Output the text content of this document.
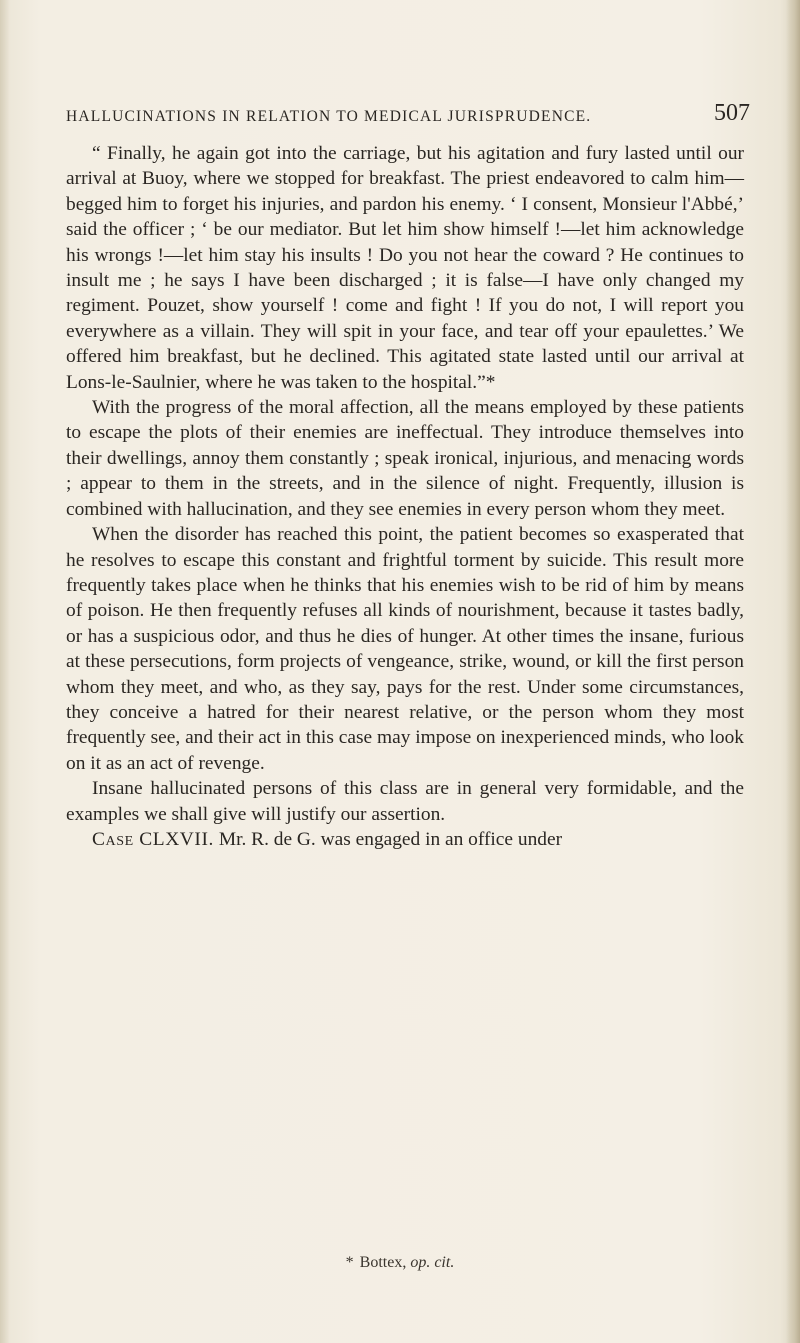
HALLUCINATIONS IN RELATION TO MEDICAL JURISPRUDENCE.	507

“ Finally, he again got into the carriage, but his agitation and fury lasted until our arrival at Buoy, where we stopped for breakfast. The priest endeavored to calm him—begged him to forget his injuries, and pardon his enemy. ‘ I consent, Monsieur l'Abbé,’ said the officer ; ‘ be our mediator. But let him show himself !—let him acknowledge his wrongs !—let him stay his insults ! Do you not hear the coward ? He continues to insult me ; he says I have been discharged ; it is false—I have only changed my regiment. Pouzet, show yourself ! come and fight ! If you do not, I will report you everywhere as a villain. They will spit in your face, and tear off your epaulettes.’ We offered him breakfast, but he declined. This agitated state lasted until our arrival at Lons-le-Saulnier, where he was taken to the hospital.”*

With the progress of the moral affection, all the means employed by these patients to escape the plots of their enemies are ineffectual. They introduce themselves into their dwellings, annoy them constantly ; speak ironical, injurious, and menacing words ; appear to them in the streets, and in the silence of night. Frequently, illusion is combined with hallucination, and they see enemies in every person whom they meet.

When the disorder has reached this point, the patient becomes so exasperated that he resolves to escape this constant and frightful torment by suicide. This result more frequently takes place when he thinks that his enemies wish to be rid of him by means of poison. He then frequently refuses all kinds of nourishment, because it tastes badly, or has a suspicious odor, and thus he dies of hunger. At other times the insane, furious at these persecutions, form projects of vengeance, strike, wound, or kill the first person whom they meet, and who, as they say, pays for the rest. Under some circumstances, they conceive a hatred for their nearest relative, or the person whom they most frequently see, and their act in this case may impose on inexperienced minds, who look on it as an act of revenge.

Insane hallucinated persons of this class are in general very formidable, and the examples we shall give will justify our assertion.

Case CLXVII. Mr. R. de G. was engaged in an office under

* Bottex, op. cit.
